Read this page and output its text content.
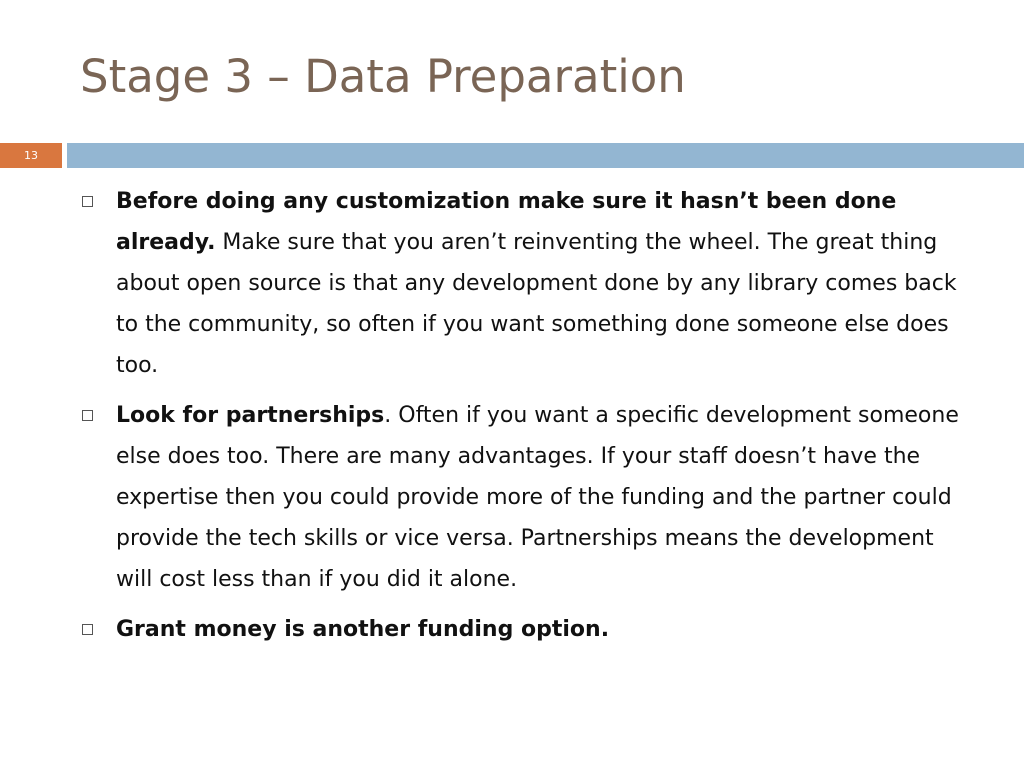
Stage 3 – Data Preparation
13
Before doing any customization make sure it hasn’t been done already. Make sure that you aren’t reinventing the wheel. The great thing about open source is that any development done by any library comes back to the community, so often if you want something done someone else does too.
Look for partnerships. Often if you want a specific development someone else does too. There are many advantages. If your staff doesn’t have the expertise then you could provide more of the funding and the partner could provide the tech skills or vice versa. Partnerships means the development will cost less than if you did it alone.
Grant money is another funding option.
